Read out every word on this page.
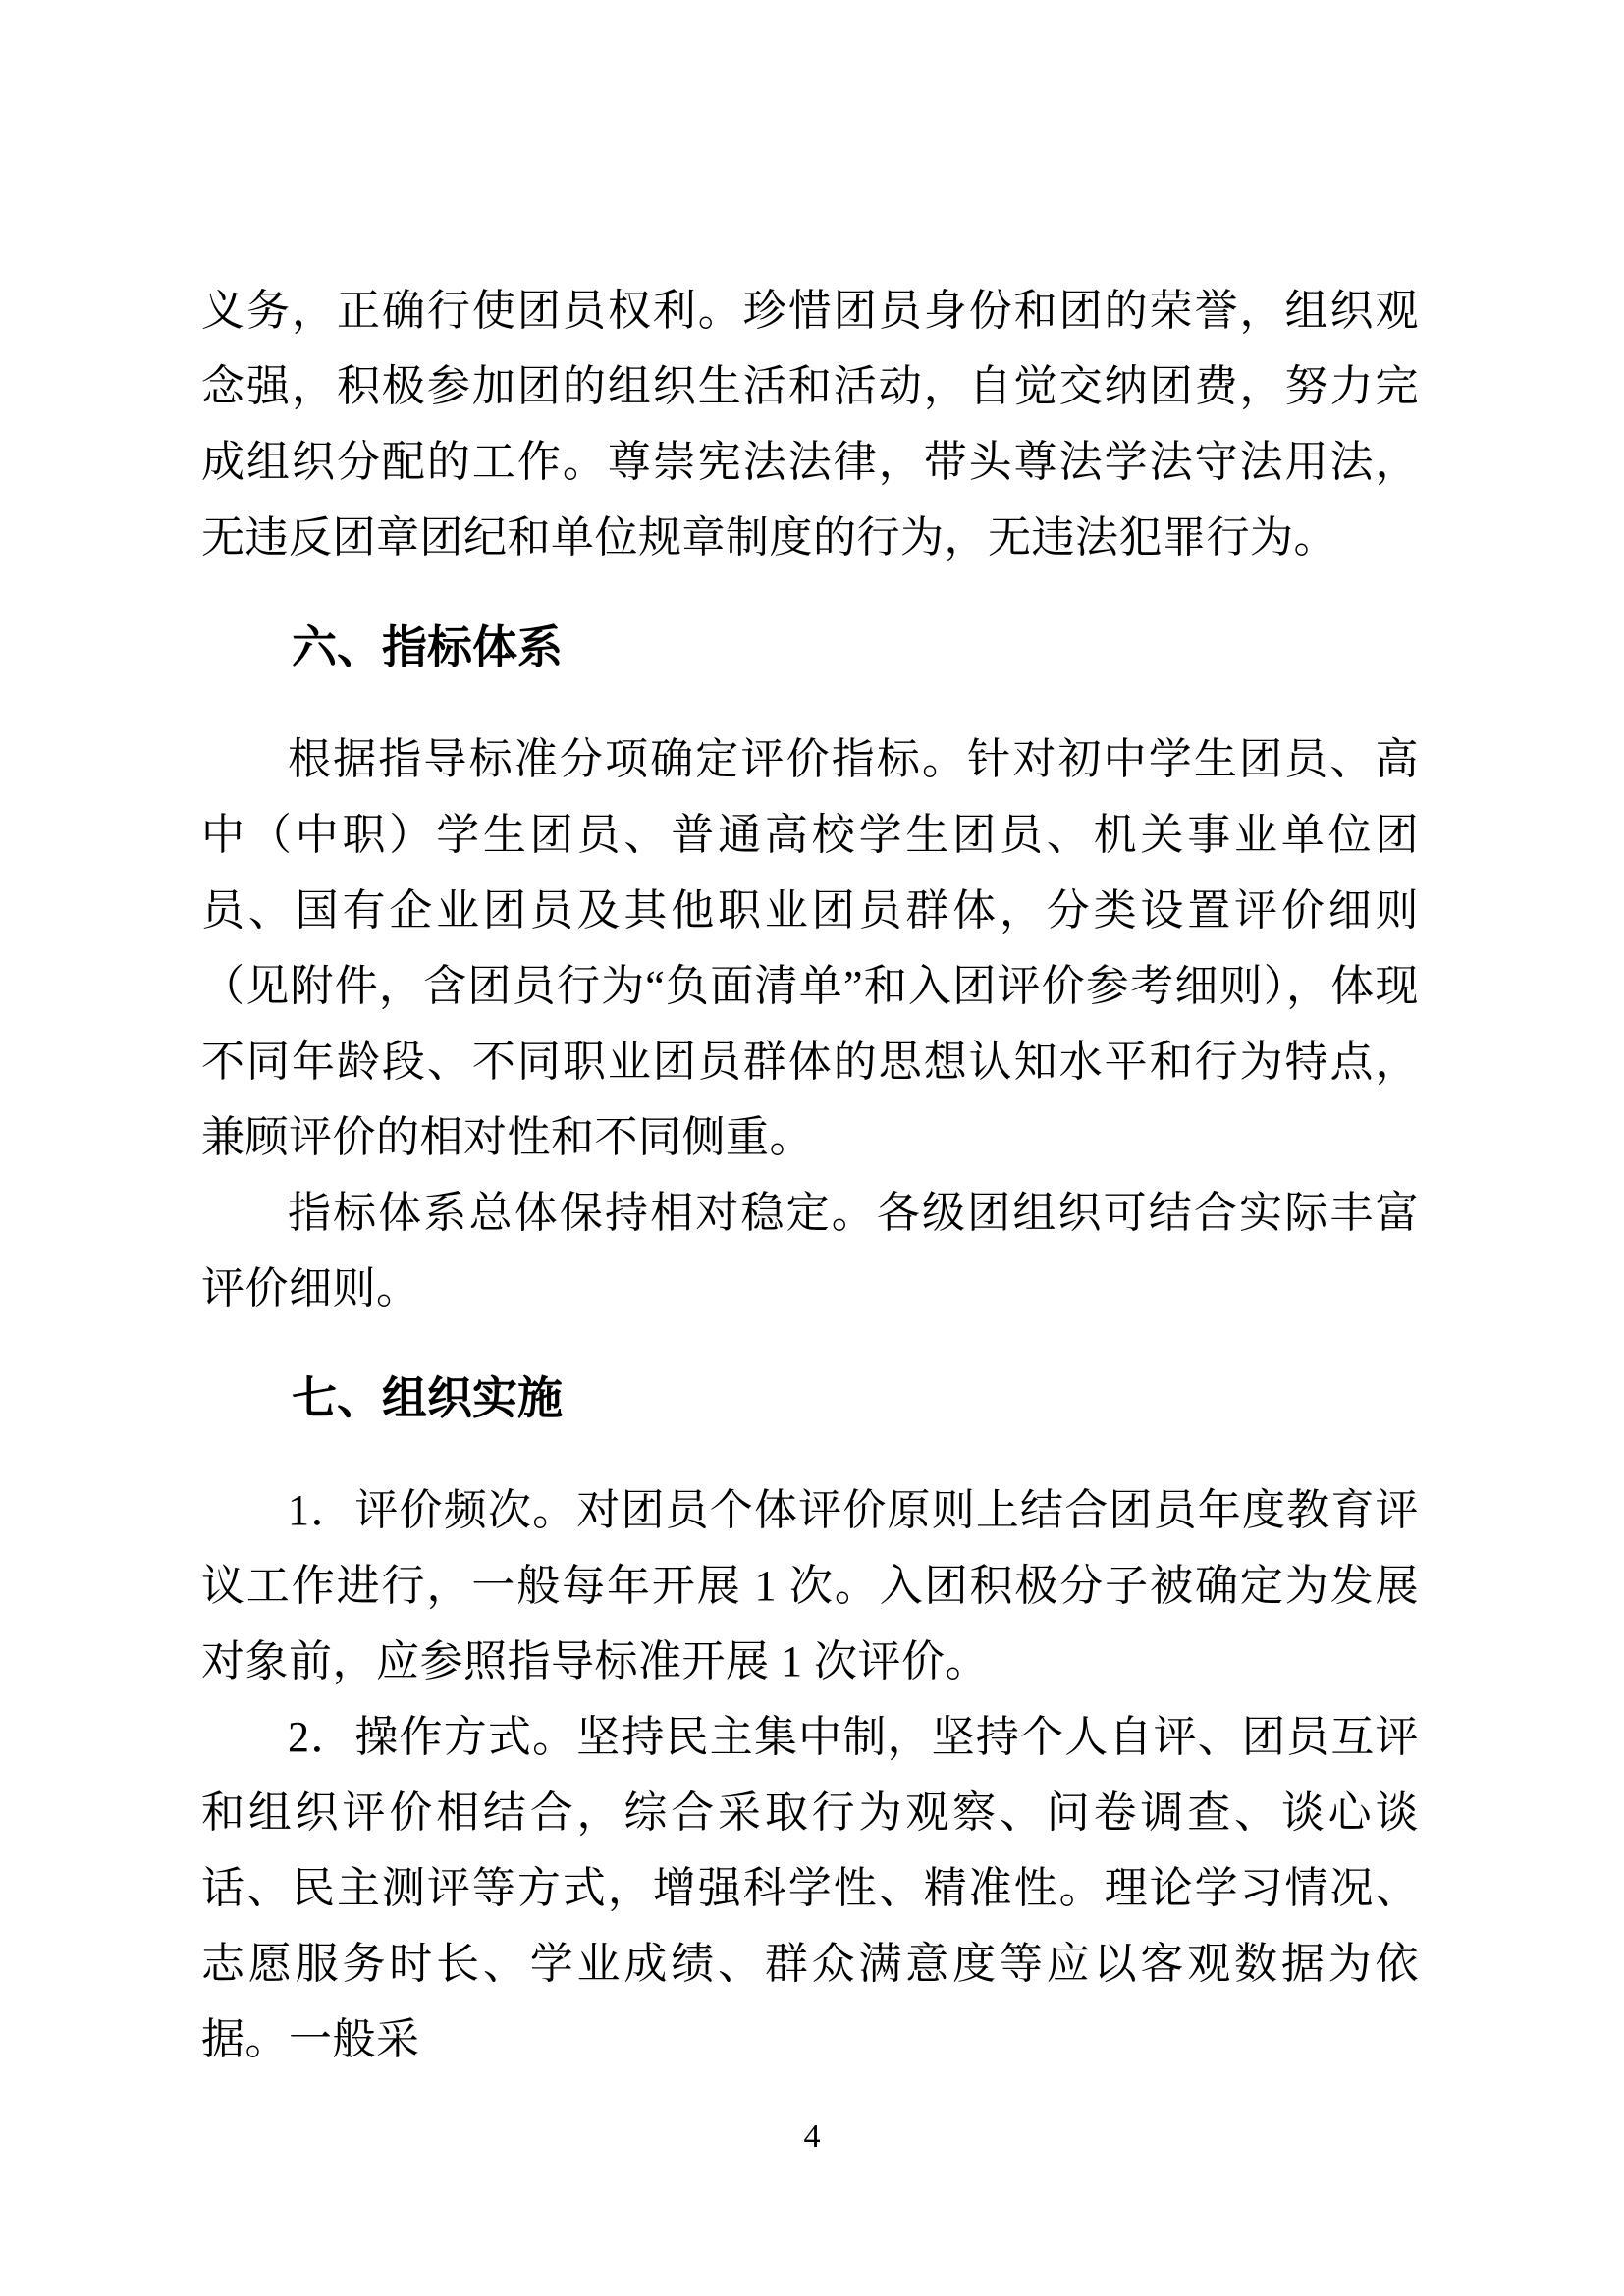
义务，正确行使团员权利。珍惜团员身份和团的荣誉，组织观念强，积极参加团的组织生活和活动，自觉交纳团费，努力完成组织分配的工作。尊崇宪法法律，带头尊法学法守法用法，无违反团章团纪和单位规章制度的行为，无违法犯罪行为。

六、指标体系

根据指导标准分项确定评价指标。针对初中学生团员、高中（中职）学生团员、普通高校学生团员、机关事业单位团员、国有企业团员及其他职业团员群体，分类设置评价细则（见附件，含团员行为“负面清单”和入团评价参考细则），体现不同年龄段、不同职业团员群体的思想认知水平和行为特点，兼顾评价的相对性和不同侧重。

指标体系总体保持相对稳定。各级团组织可结合实际丰富评价细则。

七、组织实施

1．评价频次。对团员个体评价原则上结合团员年度教育评议工作进行，一般每年开展 1 次。入团积极分子被确定为发展对象前，应参照指导标准开展 1 次评价。

2．操作方式。坚持民主集中制，坚持个人自评、团员互评和组织评价相结合，综合采取行为观察、问卷调查、谈心谈话、民主测评等方式，增强科学性、精准性。理论学习情况、志愿服务时长、学业成绩、群众满意度等应以客观数据为依据。一般采

4
